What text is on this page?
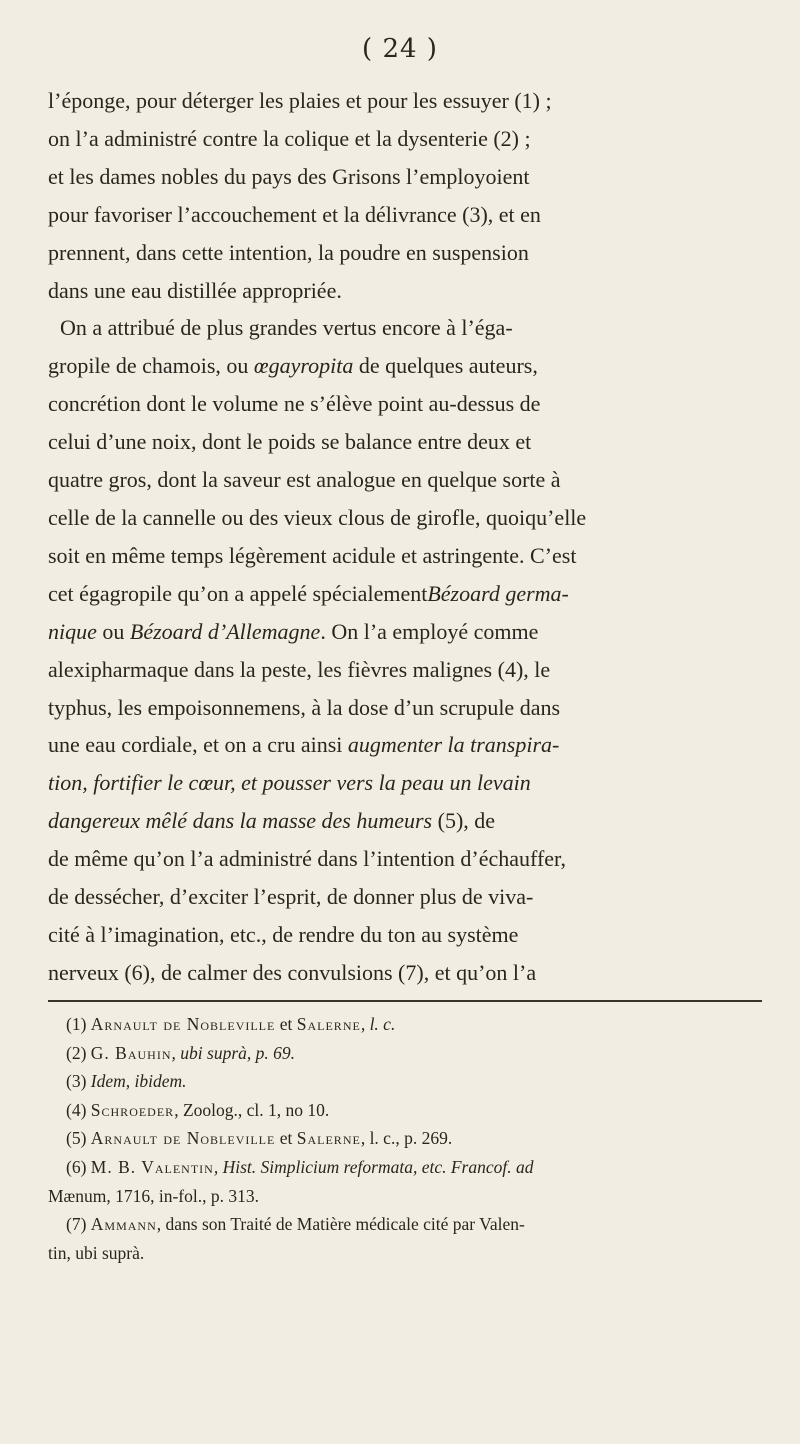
( 24 )
l’éponge, pour déterger les plaies et pour les essuyer (1) ;
on l’a administré contre la colique et la dysenterie (2) ;
et les dames nobles du pays des Grisons l’employoient
pour favoriser l’accouchement et la délivrance (3), et en
prennent, dans cette intention, la poudre en suspension
dans une eau distillée appropriée.
On a attribué de plus grandes vertus encore à l’éga-
gropile de chamois, ou œgayropita de quelques auteurs,
concrétion dont le volume ne s’élève point au-dessus de
celui d’une noix, dont le poids se balance entre deux et
quatre gros, dont la saveur est analogue en quelque sorte à
celle de la cannelle ou des vieux clous de girofle, quoiqu’elle
soit en même temps légèrement acidule et astringente. C’est
cet égagropile qu’on a appelé spécialementBézoard germa-
nique ou Bézoard d’Allemagne. On l’a employé comme
alexipharmaque dans la peste, les fièvres malignes (4), le
typhus, les empoisonnemens, à la dose d’un scrupule dans
une eau cordiale, et on a cru ainsi augmenter la transpira-
tion, fortifier le cœur, et pousser vers la peau un levain
dangereux mêlé dans la masse des humeurs (5), de
de même qu’on l’a administré dans l’intention d’échauffer,
de dessécher, d’exciter l’esprit, de donner plus de viva-
cité à l’imagination, etc., de rendre du ton au système
nerveux (6), de calmer des convulsions (7), et qu’on l’a
(1) Arnault de Nobleville et Salerne, l. c.
(2) G. Bauhin, ubi suprà, p. 69.
(3) Idem, ibidem.
(4) Schroeder, Zoolog., cl. 1, no 10.
(5) Arnault de Nobleville et Salerne, l. c., p. 269.
(6) M. B. Valentin, Hist. Simplicium reformata, etc. Francof. ad
Mænum, 1716, in-fol., p. 313.
(7) Ammann, dans son Traité de Matière médicale cité par Valen-
tin, ubi suprà.
